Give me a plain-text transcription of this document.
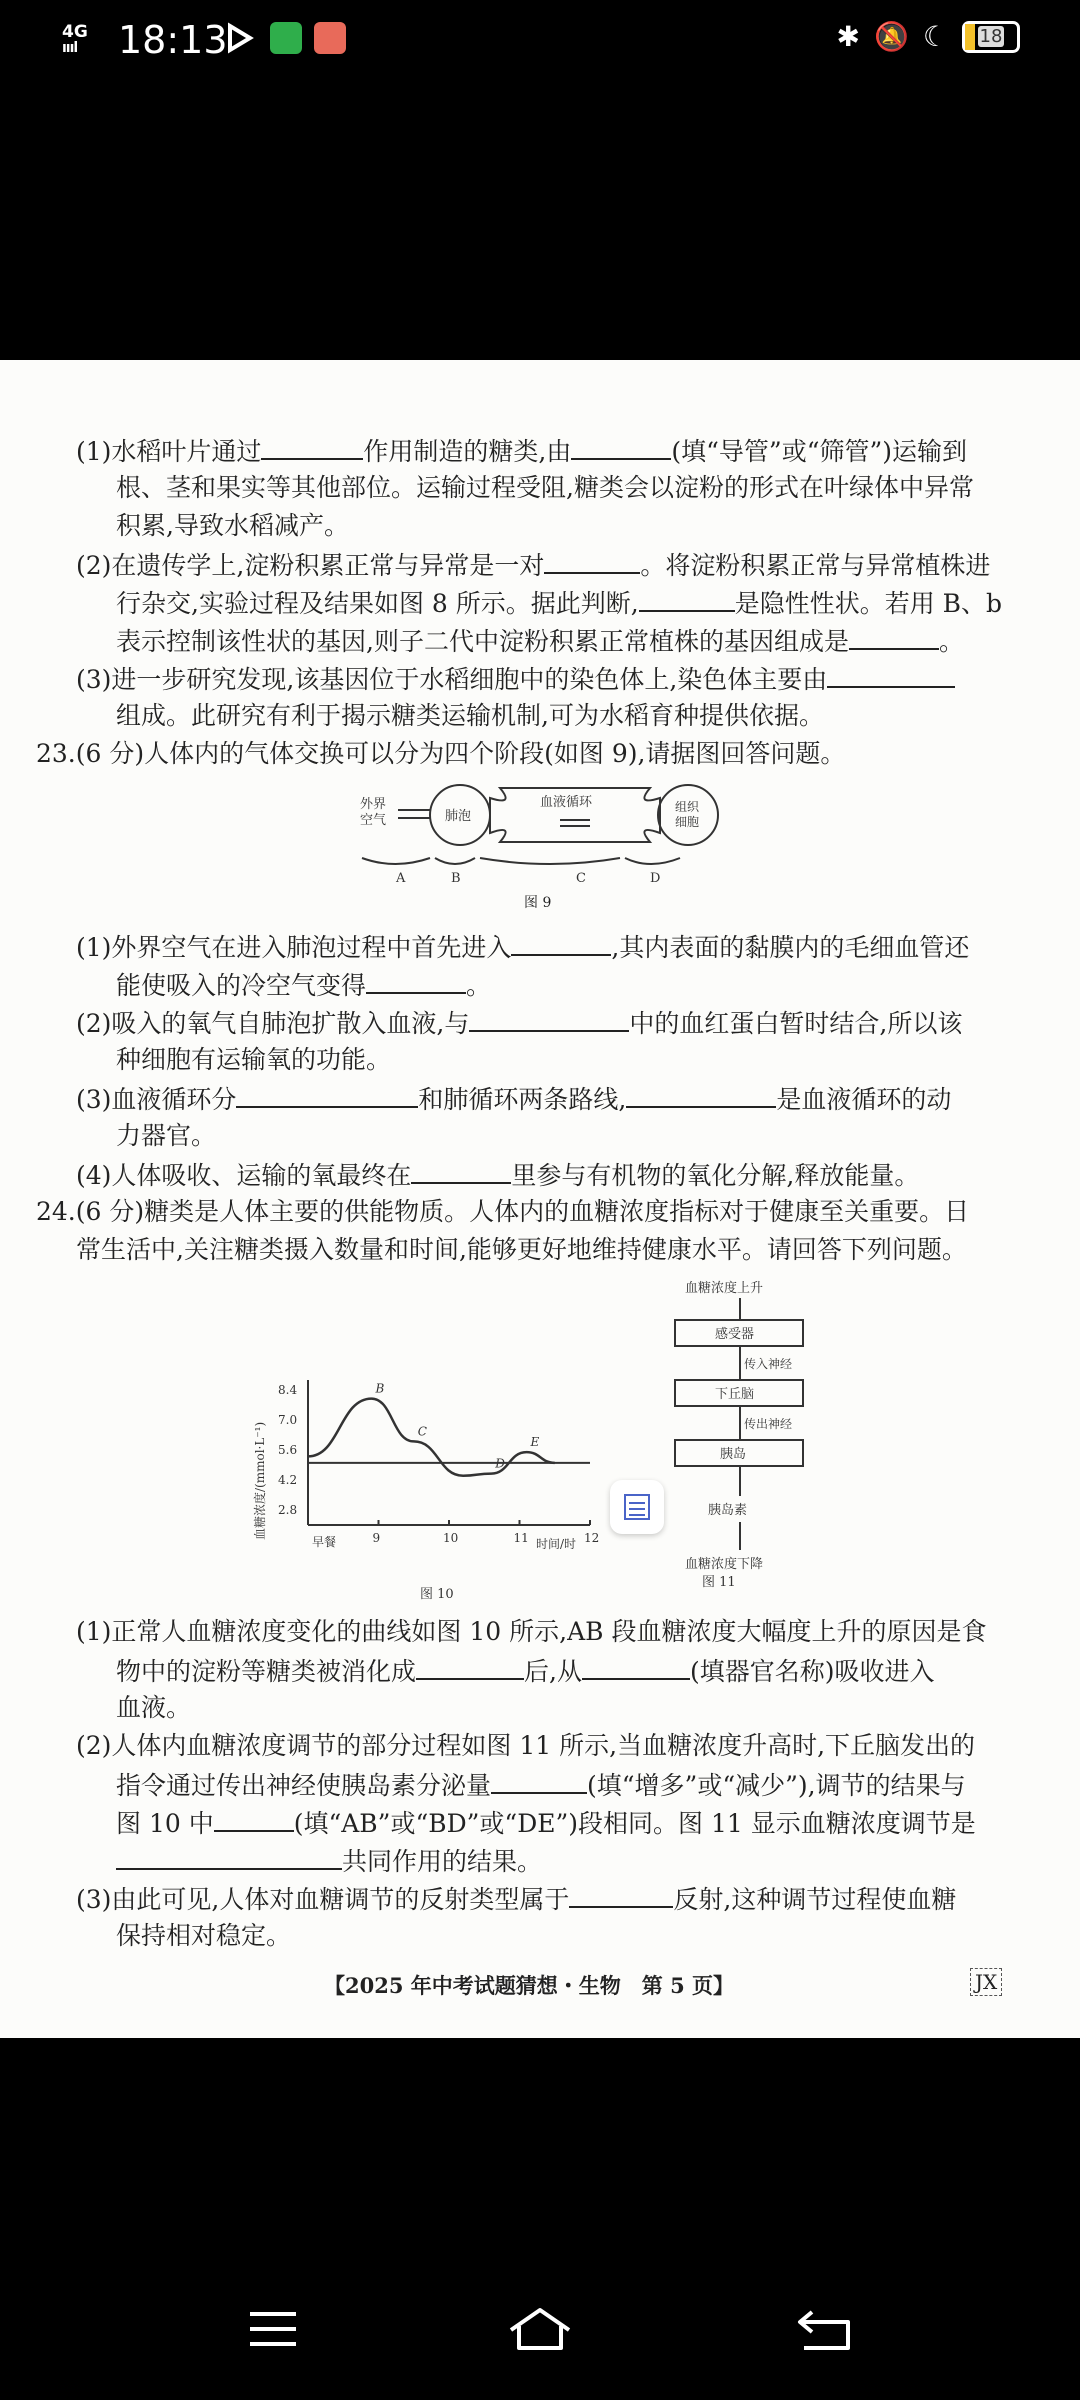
4G
ıııl 18:13	✱ 🔕 ☾ 18
(1)水稻叶片通过	作用制造的糖类,由	(填“导管”或“筛管”)运输到
根、茎和果实等其他部位。运输过程受阻,糖类会以淀粉的形式在叶绿体中异常
积累,导致水稻减产。
(2)在遗传学上,淀粉积累正常与异常是一对	。将淀粉积累正常与异常植株进
行杂交,实验过程及结果如图 8 所示。据此判断,	是隐性性状。若用 B、b
表示控制该性状的基因,则子二代中淀粉积累正常植株的基因组成是	。
(3)进一步研究发现,该基因位于水稻细胞中的染色体上,染色体主要由
组成。此研究有利于揭示糖类运输机制,可为水稻育种提供依据。
23.(6 分)人体内的气体交换可以分为四个阶段(如图 9),请据图回答问题。
外界
空气	肺泡
血液循环	组织
细胞
A	B	C	D
图 9
(1)外界空气在进入肺泡过程中首先进入	,其内表面的黏膜内的毛细血管还
能使吸入的冷空气变得	。
(2)吸入的氧气自肺泡扩散入血液,与	中的血红蛋白暂时结合,所以该
种细胞有运输氧的功能。
(3)血液循环分	和肺循环两条路线,	是血液循环的动
力器官。
(4)人体吸收、运输的氧最终在	里参与有机物的氧化分解,释放能量。
24.(6 分)糖类是人体主要的供能物质。人体内的血糖浓度指标对于健康至关重要。日
常生活中,关注糖类摄入数量和时间,能够更好地维持健康水平。请回答下列问题。
血糖浓度/(mmol·L⁻¹)
8.4
7.0
5.6
4.2
2.8
9	10	11	12
B
C
D
E
早餐	时间/时
图 10
血糖浓度上升
感受器
传入神经
下丘脑
传出神经
胰岛
胰岛素
血糖浓度下降
图 11
(1)正常人血糖浓度变化的曲线如图 10 所示,AB 段血糖浓度大幅度上升的原因是食
物中的淀粉等糖类被消化成	后,从	(填器官名称)吸收进入
血液。
(2)人体内血糖浓度调节的部分过程如图 11 所示,当血糖浓度升高时,下丘脑发出的
指令通过传出神经使胰岛素分泌量	(填“增多”或“减少”),调节的结果与
图 10 中	(填“AB”或“BD”或“DE”)段相同。图 11 显示血糖浓度调节是
共同作用的结果。
(3)由此可见,人体对血糖调节的反射类型属于	反射,这种调节过程使血糖
保持相对稳定。
【2025 年中考试题猜想・生物　第 5 页】	JX
